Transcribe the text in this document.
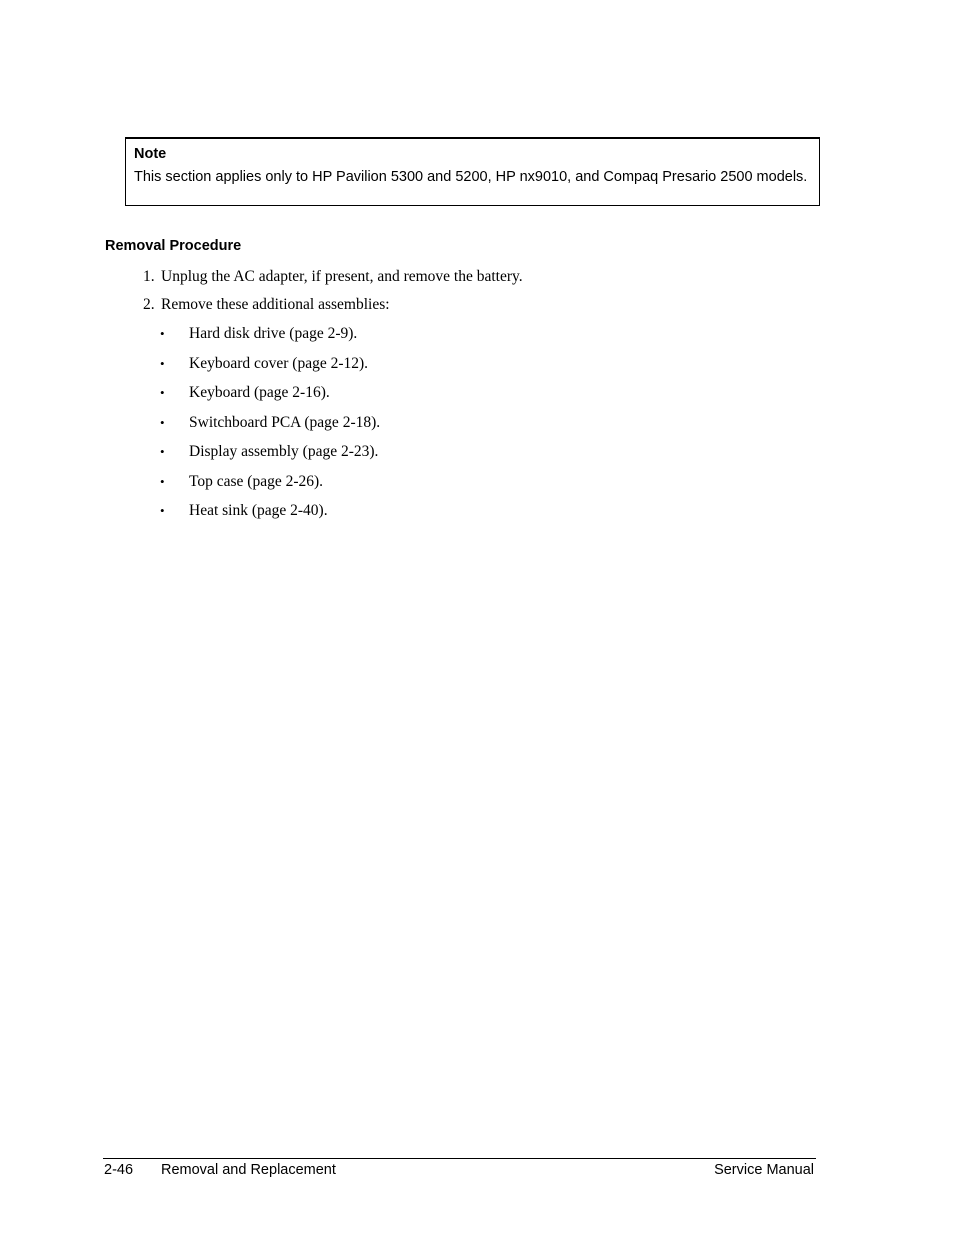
Note
This section applies only to HP Pavilion 5300 and 5200, HP nx9010, and Compaq Presario 2500 models.
Removal Procedure
1. Unplug the AC adapter, if present, and remove the battery.
2. Remove these additional assemblies:
• Hard disk drive (page 2-9).
• Keyboard cover (page 2-12).
• Keyboard (page 2-16).
• Switchboard PCA (page 2-18).
• Display assembly (page 2-23).
• Top case (page 2-26).
• Heat sink (page 2-40).
2-46 Removal and Replacement	Service Manual
